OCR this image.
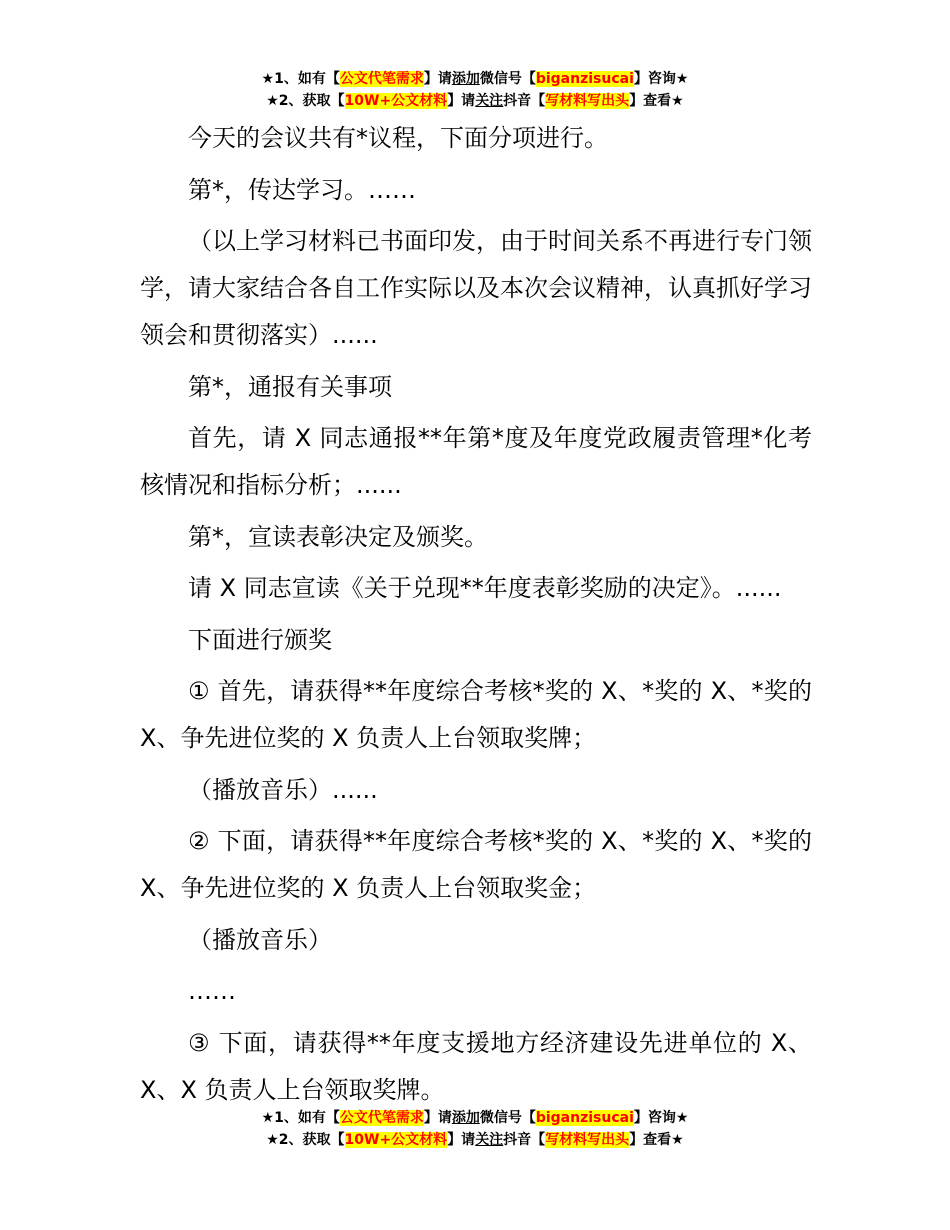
★1、如有【公文代笔需求】请添加微信号【biganzisucai】咨询★
★2、获取【10W+公文材料】请关注抖音【写材料写出头】查看★

今天的会议共有*议程，下面分项进行。

第*，传达学习。……

（以上学习材料已书面印发，由于时间关系不再进行专门领学，请大家结合各自工作实际以及本次会议精神，认真抓好学习领会和贯彻落实）......

第*，通报有关事项

首先，请 X 同志通报**年第*度及年度党政履责管理*化考核情况和指标分析；......

第*，宣读表彰决定及颁奖。

请 X 同志宣读《关于兑现**年度表彰奖励的决定》。......

下面进行颁奖

① 首先，请获得**年度综合考核*奖的 X、*奖的 X、*奖的 X、争先进位奖的 X 负责人上台领取奖牌；

（播放音乐）......

② 下面，请获得**年度综合考核*奖的 X、*奖的 X、*奖的 X、争先进位奖的 X 负责人上台领取奖金；

（播放音乐）

……

③ 下面，请获得**年度支援地方经济建设先进单位的 X、X、X 负责人上台领取奖牌。

★1、如有【公文代笔需求】请添加微信号【biganzisucai】咨询★
★2、获取【10W+公文材料】请关注抖音【写材料写出头】查看★
